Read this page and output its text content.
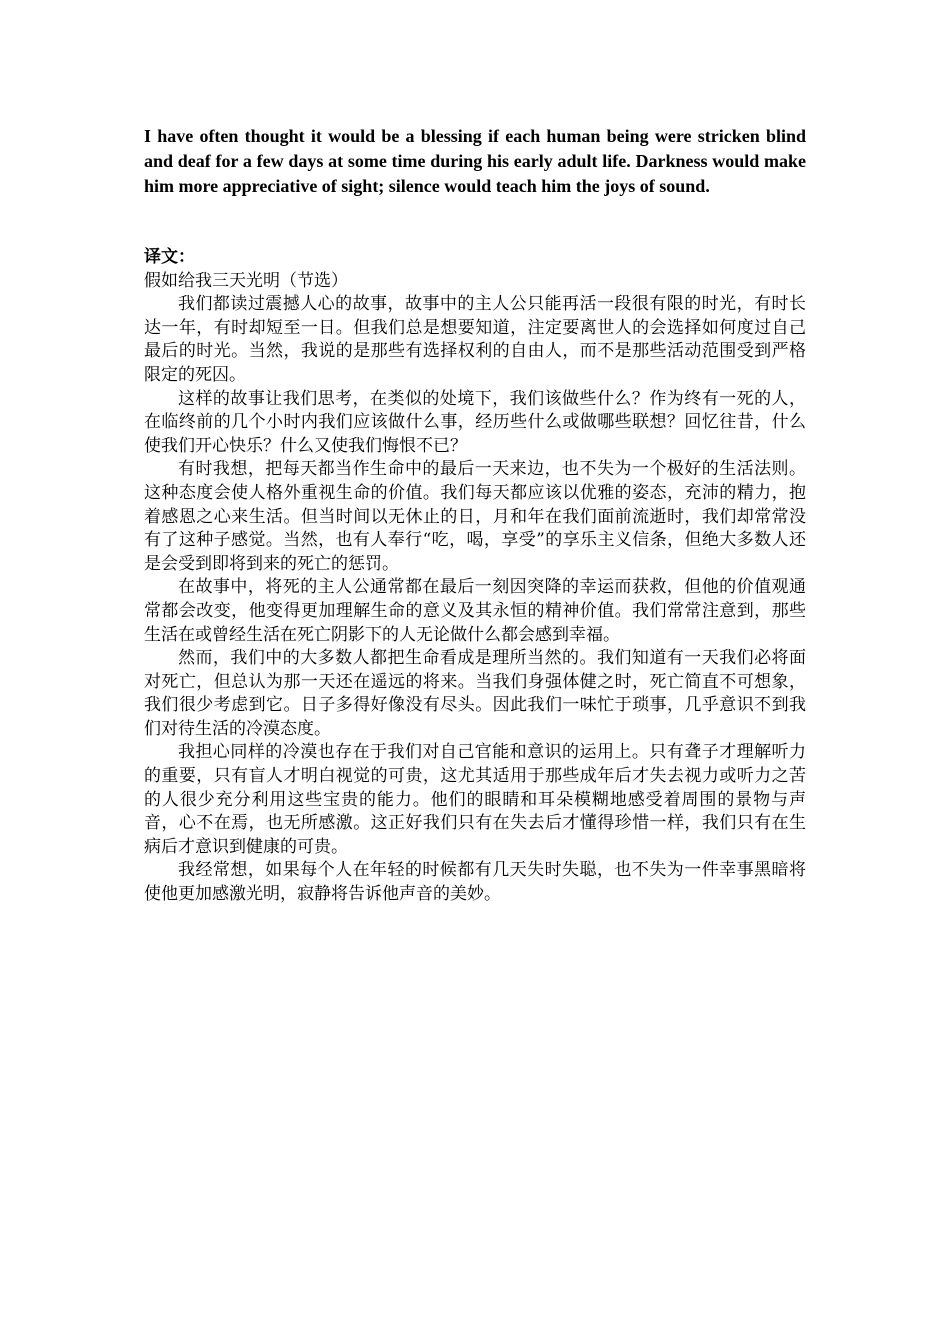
I have often thought it would be a blessing if each human being were stricken blind and deaf for a few days at some time during his early adult life. Darkness would make him more appreciative of sight; silence would teach him the joys of sound.

译文：

假如给我三天光明（节选）

我们都读过震撼人心的故事，故事中的主人公只能再活一段很有限的时光，有时长达一年，有时却短至一日。但我们总是想要知道，注定要离世人的会选择如何度过自己最后的时光。当然，我说的是那些有选择权利的自由人，而不是那些活动范围受到严格限定的死囚。

这样的故事让我们思考，在类似的处境下，我们该做些什么？作为终有一死的人，在临终前的几个小时内我们应该做什么事，经历些什么或做哪些联想？回忆往昔，什么使我们开心快乐？什么又使我们悔恨不已？

有时我想，把每天都当作生命中的最后一天来边，也不失为一个极好的生活法则。这种态度会使人格外重视生命的价值。我们每天都应该以优雅的姿态，充沛的精力，抱着感恩之心来生活。但当时间以无休止的日，月和年在我们面前流逝时，我们却常常没有了这种子感觉。当然，也有人奉行“吃，喝，享受”的享乐主义信条，但绝大多数人还是会受到即将到来的死亡的惩罚。

在故事中，将死的主人公通常都在最后一刻因突降的幸运而获救，但他的价值观通常都会改变，他变得更加理解生命的意义及其永恒的精神价值。我们常常注意到，那些生活在或曾经生活在死亡阴影下的人无论做什么都会感到幸福。

然而，我们中的大多数人都把生命看成是理所当然的。我们知道有一天我们必将面对死亡，但总认为那一天还在遥远的将来。当我们身强体健之时，死亡简直不可想象，我们很少考虑到它。日子多得好像没有尽头。因此我们一味忙于琐事，几乎意识不到我们对待生活的冷漠态度。

我担心同样的冷漠也存在于我们对自己官能和意识的运用上。只有聋子才理解听力的重要，只有盲人才明白视觉的可贵，这尤其适用于那些成年后才失去视力或听力之苦的人很少充分利用这些宝贵的能力。他们的眼睛和耳朵模糊地感受着周围的景物与声音，心不在焉，也无所感激。这正好我们只有在失去后才懂得珍惜一样，我们只有在生病后才意识到健康的可贵。

我经常想，如果每个人在年轻的时候都有几天失时失聪，也不失为一件幸事黑暗将使他更加感激光明，寂静将告诉他声音的美妙。
